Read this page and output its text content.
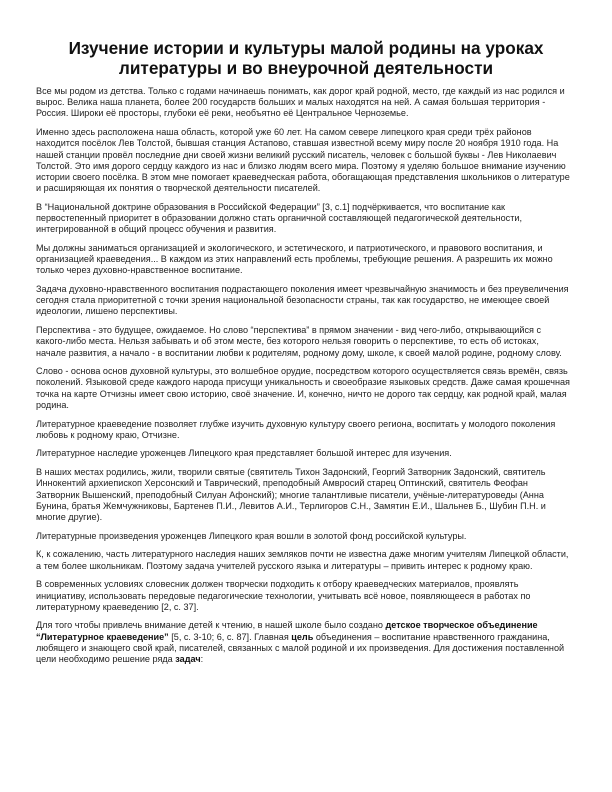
Изучение истории и культуры малой родины на уроках литературы и во внеурочной деятельности

Все мы родом из детства. Только с годами начинаешь понимать, как дорог край родной, место, где каждый из нас родился и вырос. Велика наша планета, более 200 государств больших и малых находятся на ней. А самая большая территория - Россия. Широки её просторы, глубоки её реки, необъятно её Центральное Черноземье.

Именно здесь расположена наша область, которой уже 60 лет. На самом севере липецкого края среди трёх районов находится посёлок Лев Толстой, бывшая станция Астапово, ставшая известной всему миру после 20 ноября 1910 года. На нашей станции провёл последние дни своей жизни великий русский писатель, человек с большой буквы - Лев Николаевич Толстой. Это имя дорого сердцу каждого из нас и близко людям всего мира. Поэтому я уделяю большое внимание изучению истории своего посёлка. В этом мне помогает краеведческая работа, обогащающая представления школьников о литературе и расширяющая их понятия о творческой деятельности писателей.

В “Национальной доктрине образования в Российской Федерации” [3, с.1] подчёркивается, что воспитание как первостепенный приоритет в образовании должно стать органичной составляющей педагогической деятельности, интегрированной в общий процесс обучения и развития.

Мы должны заниматься организацией и экологического, и эстетического, и патриотического, и правового воспитания, и организацией краеведения... В каждом из этих направлений есть проблемы, требующие решения. А разрешить их можно только через духовно-нравственное воспитание.

Задача духовно-нравственного воспитания подрастающего поколения имеет чрезвычайную значимость и без преувеличения сегодня стала приоритетной с точки зрения национальной безопасности страны, так как государство, не имеющее своей идеологии, лишено перспективы.

Перспектива - это будущее, ожидаемое. Но слово “перспектива” в прямом значении - вид чего-либо, открывающийся с какого-либо места. Нельзя забывать и об этом месте, без которого нельзя говорить о перспективе, то есть об истоках, начале развития, а начало - в воспитании любви к родителям, родному дому, школе, к своей малой родине, родному слову.

Слово - основа основ духовной культуры, это волшебное орудие, посредством которого осуществляется связь времён, связь поколений. Языковой среде каждого народа присущи уникальность и своеобразие языковых средств. Даже самая крошечная точка на карте Отчизны имеет свою историю, своё значение. И, конечно, ничто не дорого так сердцу, как родной край, малая родина.

Литературное краеведение позволяет глубже изучить духовную культуру своего региона, воспитать у молодого поколения любовь к родному краю, Отчизне.

Литературное наследие уроженцев Липецкого края представляет большой интерес для изучения.

В наших местах родились, жили, творили святые (святитель Тихон Задонский, Георгий Затворник Задонский, святитель Иннокентий архиепископ Херсонский и Таврический, преподобный Амвросий старец Оптинский, святитель Феофан Затворник Вышенский, преподобный Силуан Афонский); многие талантливые писатели, учёные-литературоведы (Анна Бунина, братья Жемчужниковы, Бартенев П.И., Левитов А.И., Терлигоров С.Н., Замятин Е.И., Шальнев Б., Шубин П.Н. и многие другие).

Литературные произведения уроженцев Липецкого края вошли в золотой фонд российской культуры.

К, к сожалению, часть литературного наследия наших земляков почти не известна даже многим учителям Липецкой области, а тем более школьникам. Поэтому задача учителей русского языка и литературы – привить интерес к родному краю.

В современных условиях словесник должен творчески подходить к отбору краеведческих материалов, проявлять инициативу, использовать передовые педагогические технологии, учитывать всё новое, появляющееся в работах по литературному краеведению [2, с. 37].

Для того чтобы привлечь внимание детей к чтению, в нашей школе было создано детское творческое объединение “Литературное краеведение” [5, с. 3-10; 6, с. 87]. Главная цель объединения – воспитание нравственного гражданина, любящего и знающего свой край, писателей, связанных с малой родиной и их произведения. Для достижения поставленной цели необходимо решение ряда задач:
